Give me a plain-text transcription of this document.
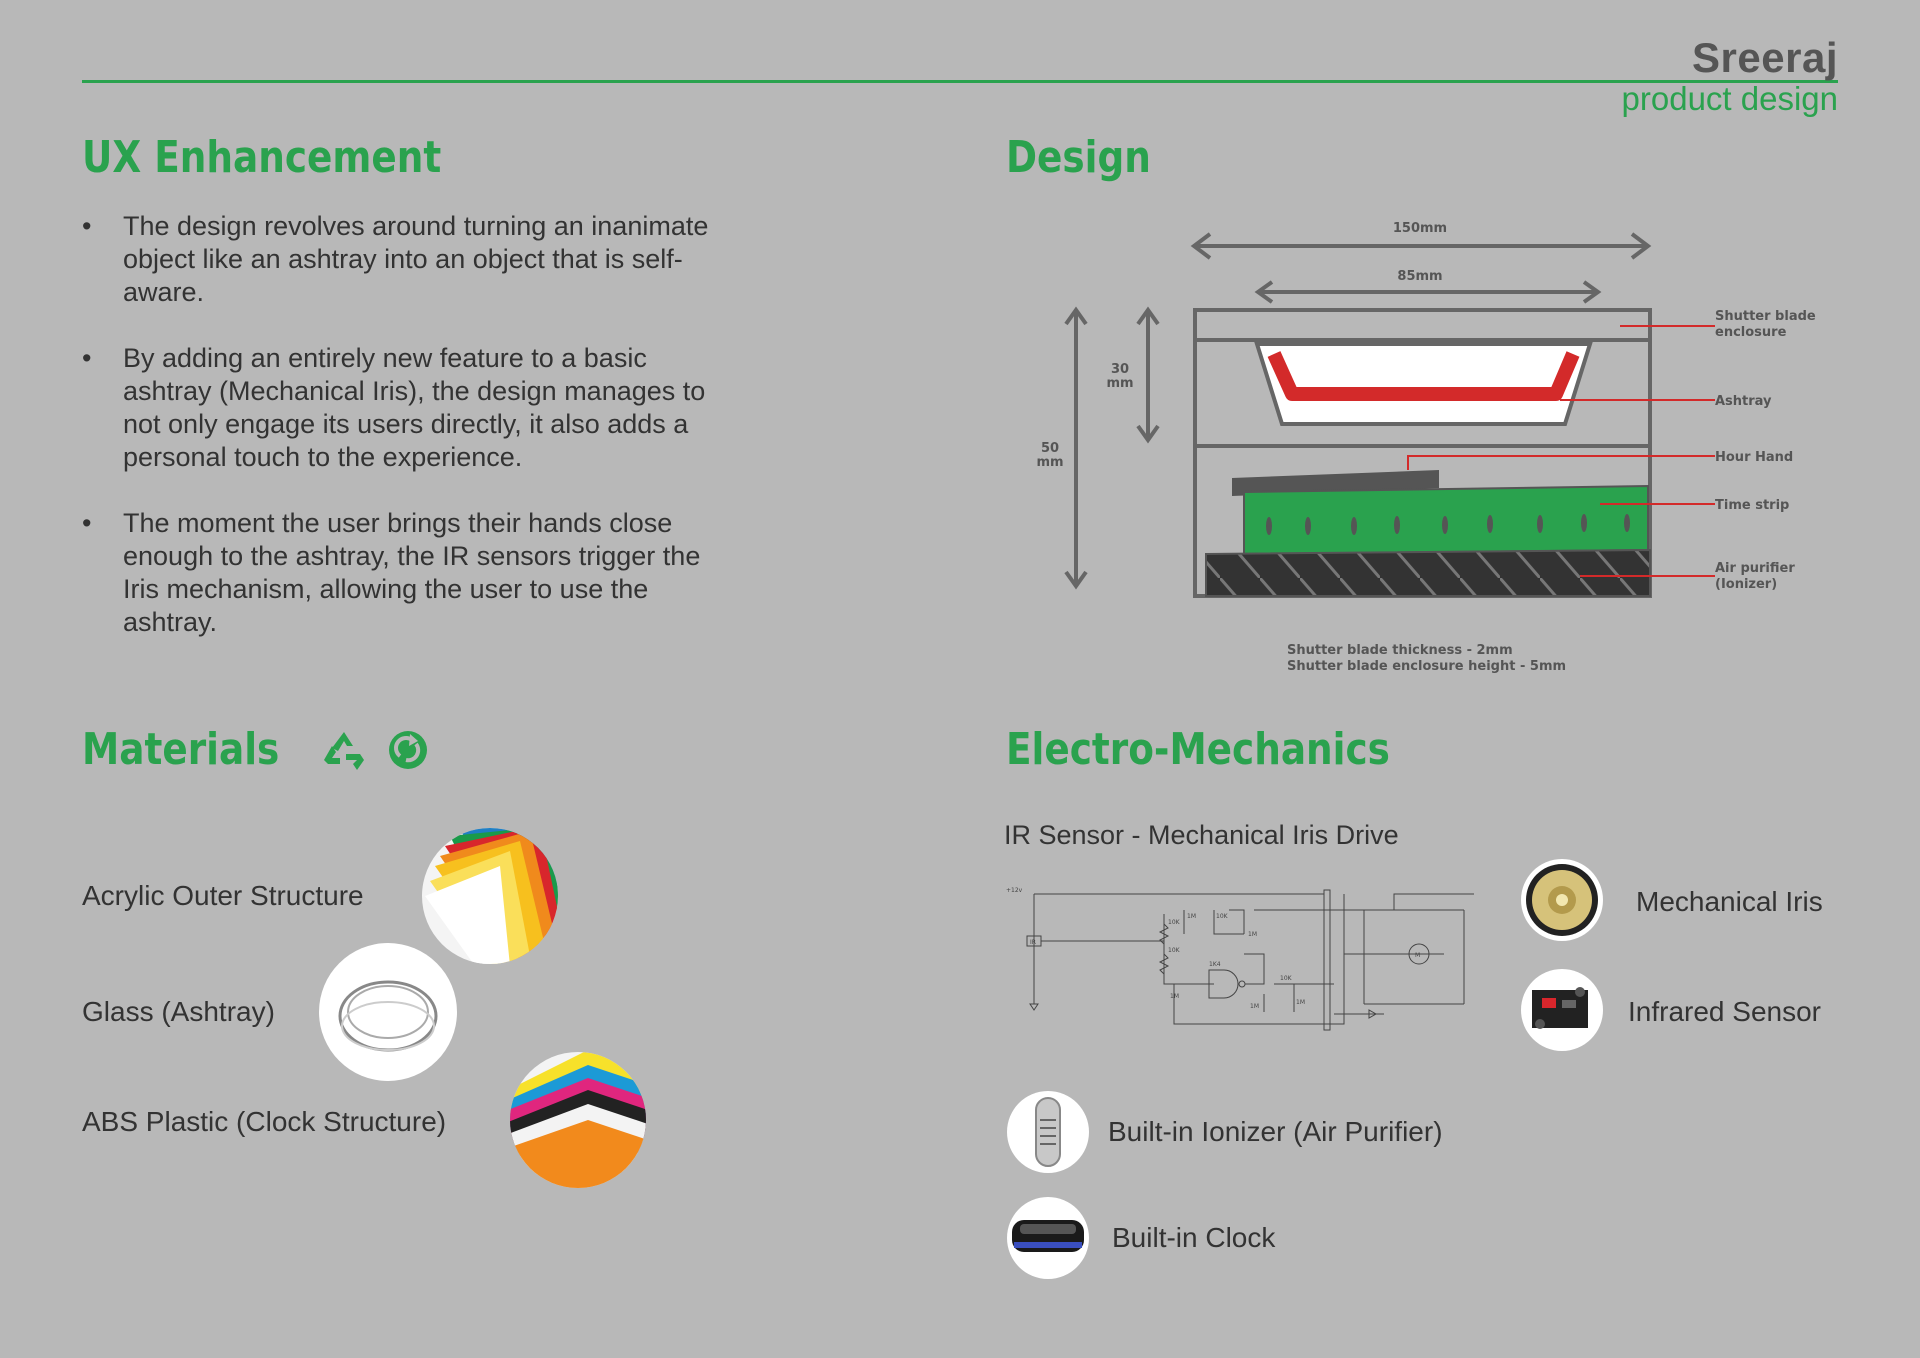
Sreeraj
product design
UX Enhancement
• The design revolves around turning an inanimate object like an ashtray into an object that is self-aware.
• By adding an entirely new feature to a basic ashtray (Mechanical Iris), the design manages to not only engage its users directly, it also adds a personal touch to the experience.
• The moment the user brings their hands close enough to the ashtray, the IR sensors trigger the Iris mechanism, allowing the user to use the ashtray.
Design
150mm
85mm
30
mm
50
mm
Shutter blade
enclosure
Ashtray
Hour Hand
Time strip
Air purifier
(Ionizer)
Shutter blade thickness - 2mm
Shutter blade enclosure height - 5mm
Materials
Acrylic Outer Structure
Glass (Ashtray)
ABS Plastic (Clock Structure)
Electro-Mechanics
IR Sensor - Mechanical Iris Drive
+12v
IR
M
10K
10K
1M
1M
1M
10K
10K
1M
1M
1K4
Mechanical Iris
Infrared Sensor
Built-in Ionizer (Air Purifier)
Built-in Clock
